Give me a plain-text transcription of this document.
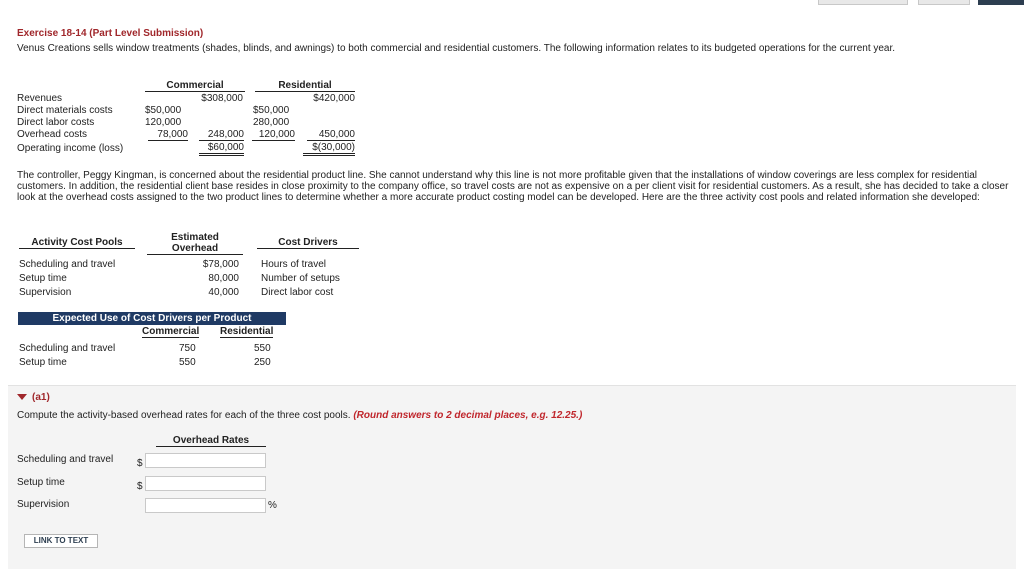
Exercise 18-14 (Part Level Submission)
Venus Creations sells window treatments (shades, blinds, and awnings) to both commercial and residential customers. The following information relates to its budgeted operations for the current year.
Commercial	Residential
Revenues	$308,000	$420,000
Direct materials costs	$50,000	$50,000
Direct labor costs	120,000	280,000
Overhead costs	78,000	248,000	120,000	450,000
Operating income (loss)	$60,000	$(30,000)
The controller, Peggy Kingman, is concerned about the residential product line. She cannot understand why this line is not more profitable given that the installations of window coverings are less complex for residential customers. In addition, the residential client base resides in close proximity to the company office, so travel costs are not as expensive on a per client visit for residential customers. As a result, she has decided to take a closer look at the overhead costs assigned to the two product lines to determine whether a more accurate product costing model can be developed. Here are the three activity cost pools and related information she developed:
Activity Cost Pools	Estimated Overhead
Cost Drivers
Scheduling and travel	$78,000 Hours of travel
Setup time	80,000 Number of setups
Supervision	40,000 Direct labor cost
Expected Use of Cost Drivers per Product
Commercial Residential
Scheduling and travel	750	550
Setup time	550	250
(a1)
Compute the activity-based overhead rates for each of the three cost pools. (Round answers to 2 decimal places, e.g. 12.25.)
Overhead Rates
Scheduling and travel $
Setup time	$
Supervision	%
LINK TO TEXT
